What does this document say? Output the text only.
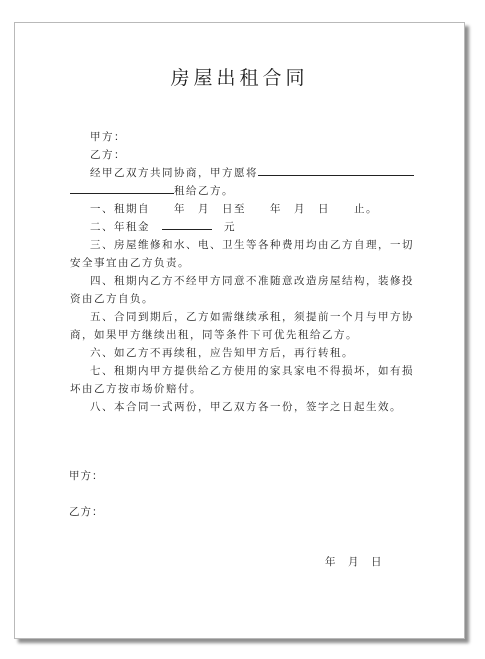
房屋出租合同
甲方：
乙方：
经甲乙双方共同协商，甲方愿将
租给乙方。
一、租期自　　年　月　日至　　年　月　日　　止。
二、年租金　　	元
三、房屋维修和水、电、卫生等各种费用均由乙方自理，一切
安全事宜由乙方负责。
四、租期内乙方不经甲方同意不准随意改造房屋结构，装修投
资由乙方自负。
五、合同到期后，乙方如需继续承租，须提前一个月与甲方协
商，如果甲方继续出租，同等条件下可优先租给乙方。
六、如乙方不再续租，应告知甲方后，再行转租。
七、租期内甲方提供给乙方使用的家具家电不得损坏，如有损
坏由乙方按市场价赔付。
八、本合同一式两份，甲乙双方各一份，签字之日起生效。
甲方：
乙方：
年　月　日
